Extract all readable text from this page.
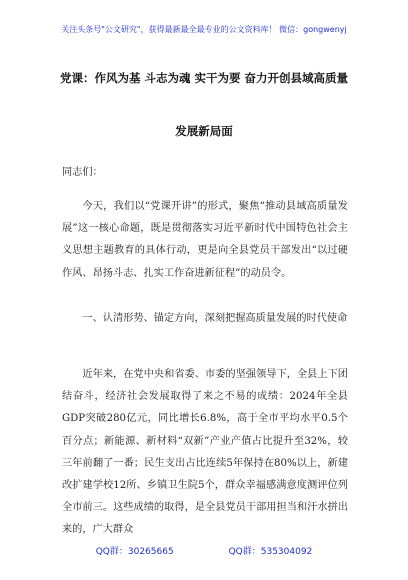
关注头条号"公文研究"，获得最新最全最专业的公文资料库！ 微信：gongwenyj
党课：作风为基 斗志为魂 实干为要 奋力开创县域高质量
发展新局面
同志们：
今天，我们以“党课开讲”的形式，聚焦“推动县域高质量发展”这一核心命题，既是贯彻落实习近平新时代中国特色社会主义思想主题教育的具体行动，更是向全县党员干部发出“以过硬作风、昂扬斗志、扎实工作奋进新征程”的动员令。
一、认清形势、锚定方向，深刻把握高质量发展的时代使命
近年来，在党中央和省委、市委的坚强领导下，全县上下团结奋斗，经济社会发展取得了来之不易的成绩：2024年全县GDP突破280亿元，同比增长6.8%，高于全市平均水平0.5个百分点；新能源、新材料“双新”产业产值占比提升至32%，较三年前翻了一番；民生支出占比连续5年保持在80%以上，新建改扩建学校12所、乡镇卫生院5个，群众幸福感满意度测评位列全市前三。这些成绩的取得，是全县党员干部用担当和汗水拼出来的，广大群众
QQ群：30265665	QQ群：535304092
